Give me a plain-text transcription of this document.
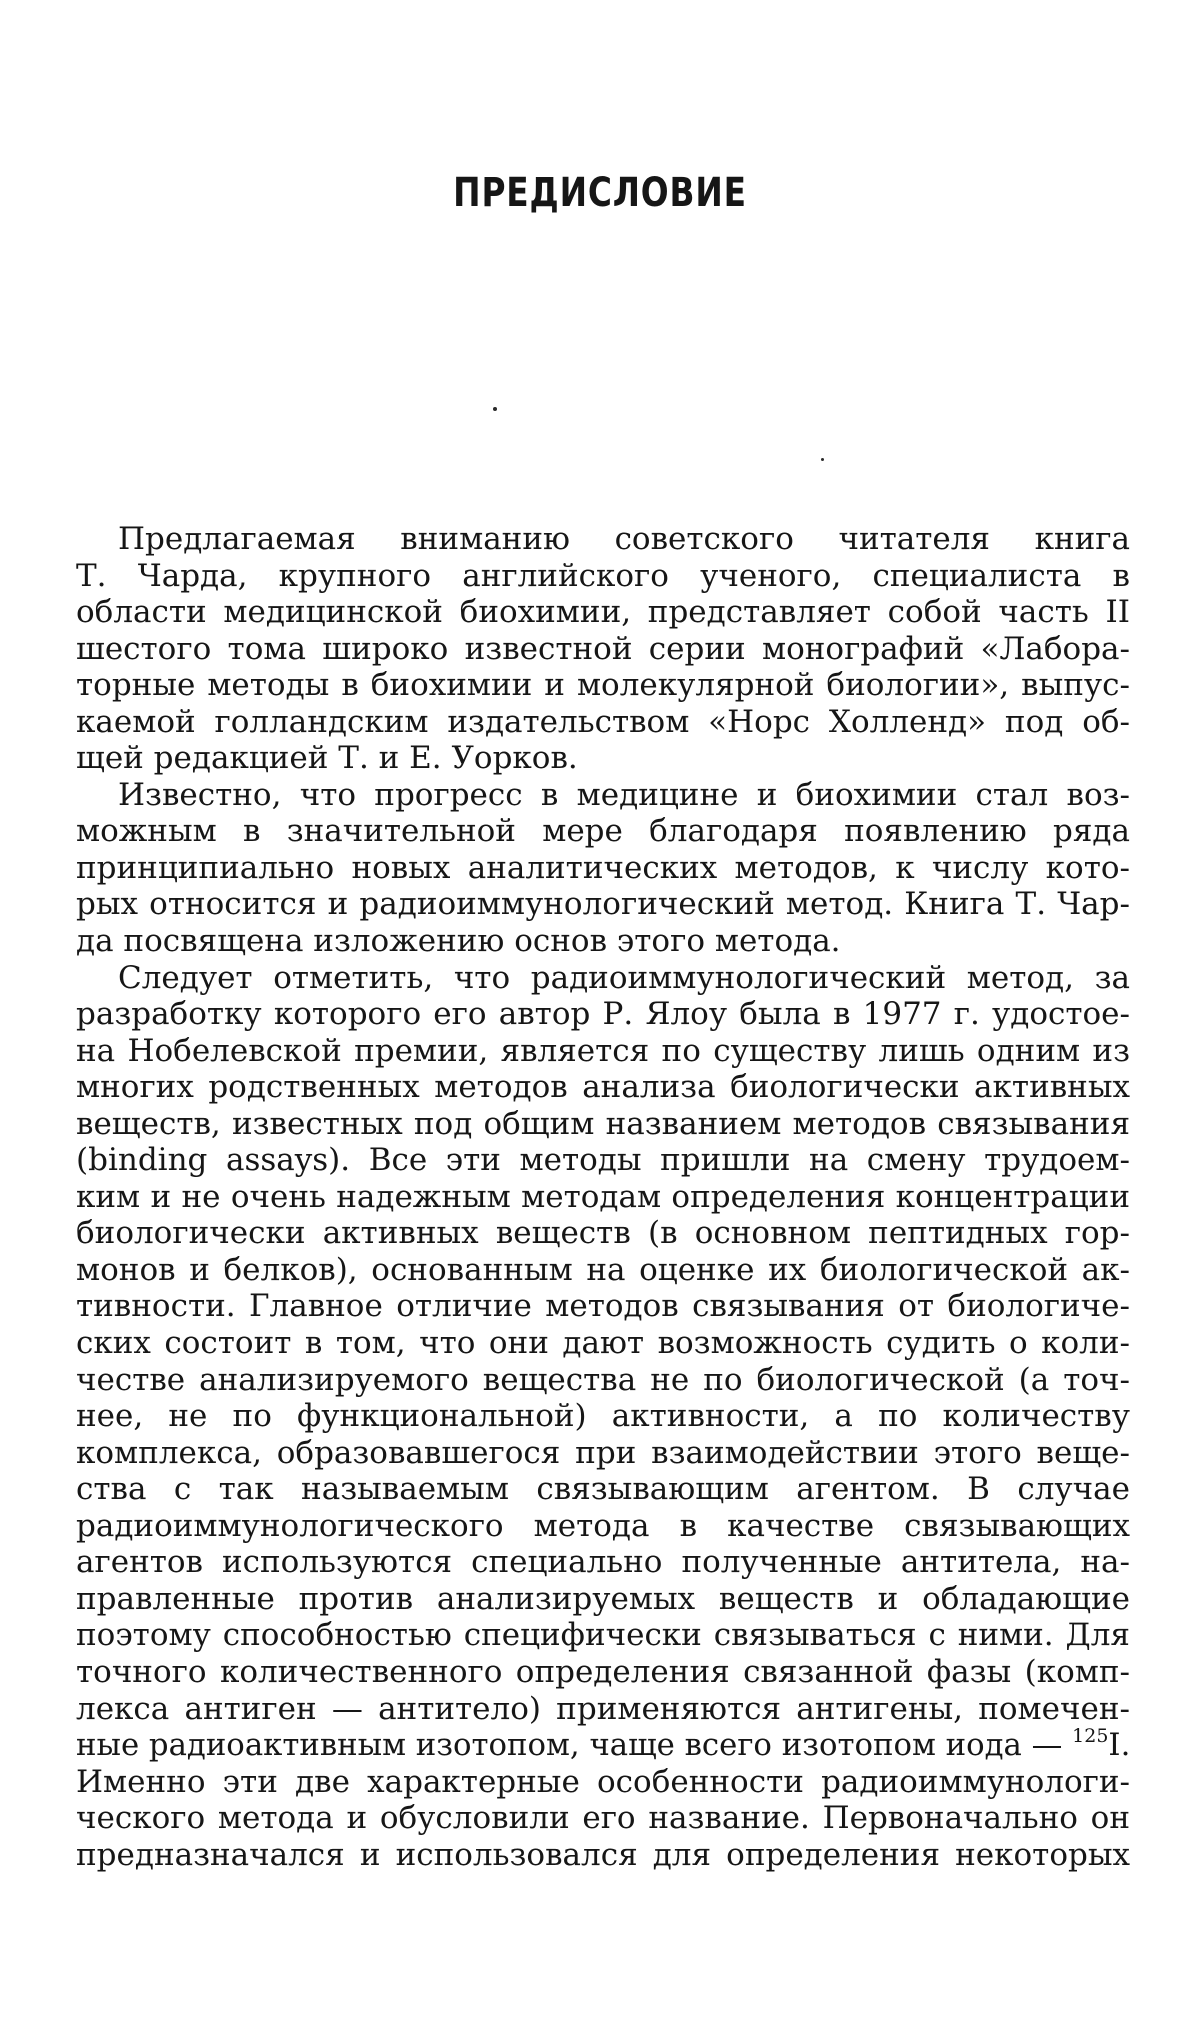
ПРЕДИСЛОВИЕ

Предлагаемая вниманию советского читателя книга
Т. Чарда, крупного английского ученого, специалиста в
области медицинской биохимии, представляет собой часть II
шестого тома широко известной серии монографий «Лабора-
торные методы в биохимии и молекулярной биологии», выпус-
каемой голландским издательством «Норс Холленд» под об-
щей редакцией Т. и Е. Уорков.

Известно, что прогресс в медицине и биохимии стал воз-
можным в значительной мере благодаря появлению ряда
принципиально новых аналитических методов, к числу кото-
рых относится и радиоиммунологический метод. Книга Т. Чар-
да посвящена изложению основ этого метода.

Следует отметить, что радиоиммунологический метод, за
разработку которого его автор Р. Ялоу была в 1977 г. удостое-
на Нобелевской премии, является по существу лишь одним из
многих родственных методов анализа биологически активных
веществ, известных под общим названием методов связывания
(binding assays). Все эти методы пришли на смену трудоем-
ким и не очень надежным методам определения концентрации
биологически активных веществ (в основном пептидных гор-
монов и белков), основанным на оценке их биологической ак-
тивности. Главное отличие методов связывания от биологиче-
ских состоит в том, что они дают возможность судить о коли-
честве анализируемого вещества не по биологической (а точ-
нее, не по функциональной) активности, а по количеству
комплекса, образовавшегося при взаимодействии этого веще-
ства с так называемым связывающим агентом. В случае
радиоиммунологического метода в качестве связывающих
агентов используются специально полученные антитела, на-
правленные против анализируемых веществ и обладающие
поэтому способностью специфически связываться с ними. Для
точного количественного определения связанной фазы (комп-
лекса антиген — антитело) применяются антигены, помечен-
ные радиоактивным изотопом, чаще всего изотопом иода — $^{125}$I.
Именно эти две характерные особенности радиоиммунологи-
ческого метода и обусловили его название. Первоначально он
предназначался и использовался для определения некоторых
